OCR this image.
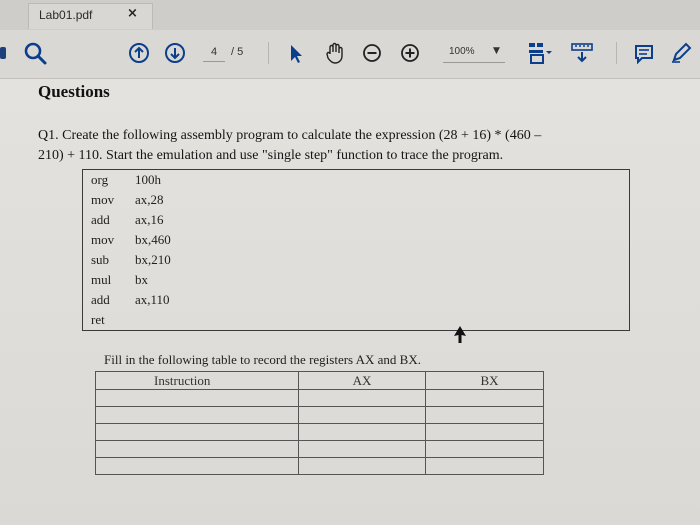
Lab01.pdf	×
4
/ 5	100% ▼
Questions
Q1. Create the following assembly program to calculate the expression (28 + 16) * (460 –
210) + 110. Start the emulation and use "single step" function to trace the program.
org 100h
mov ax,28
add ax,16
mov bx,460
sub bx,210
mul bx
add ax,110
ret
Fill in the following table to record the registers AX and BX.
Instruction	AX	BX
